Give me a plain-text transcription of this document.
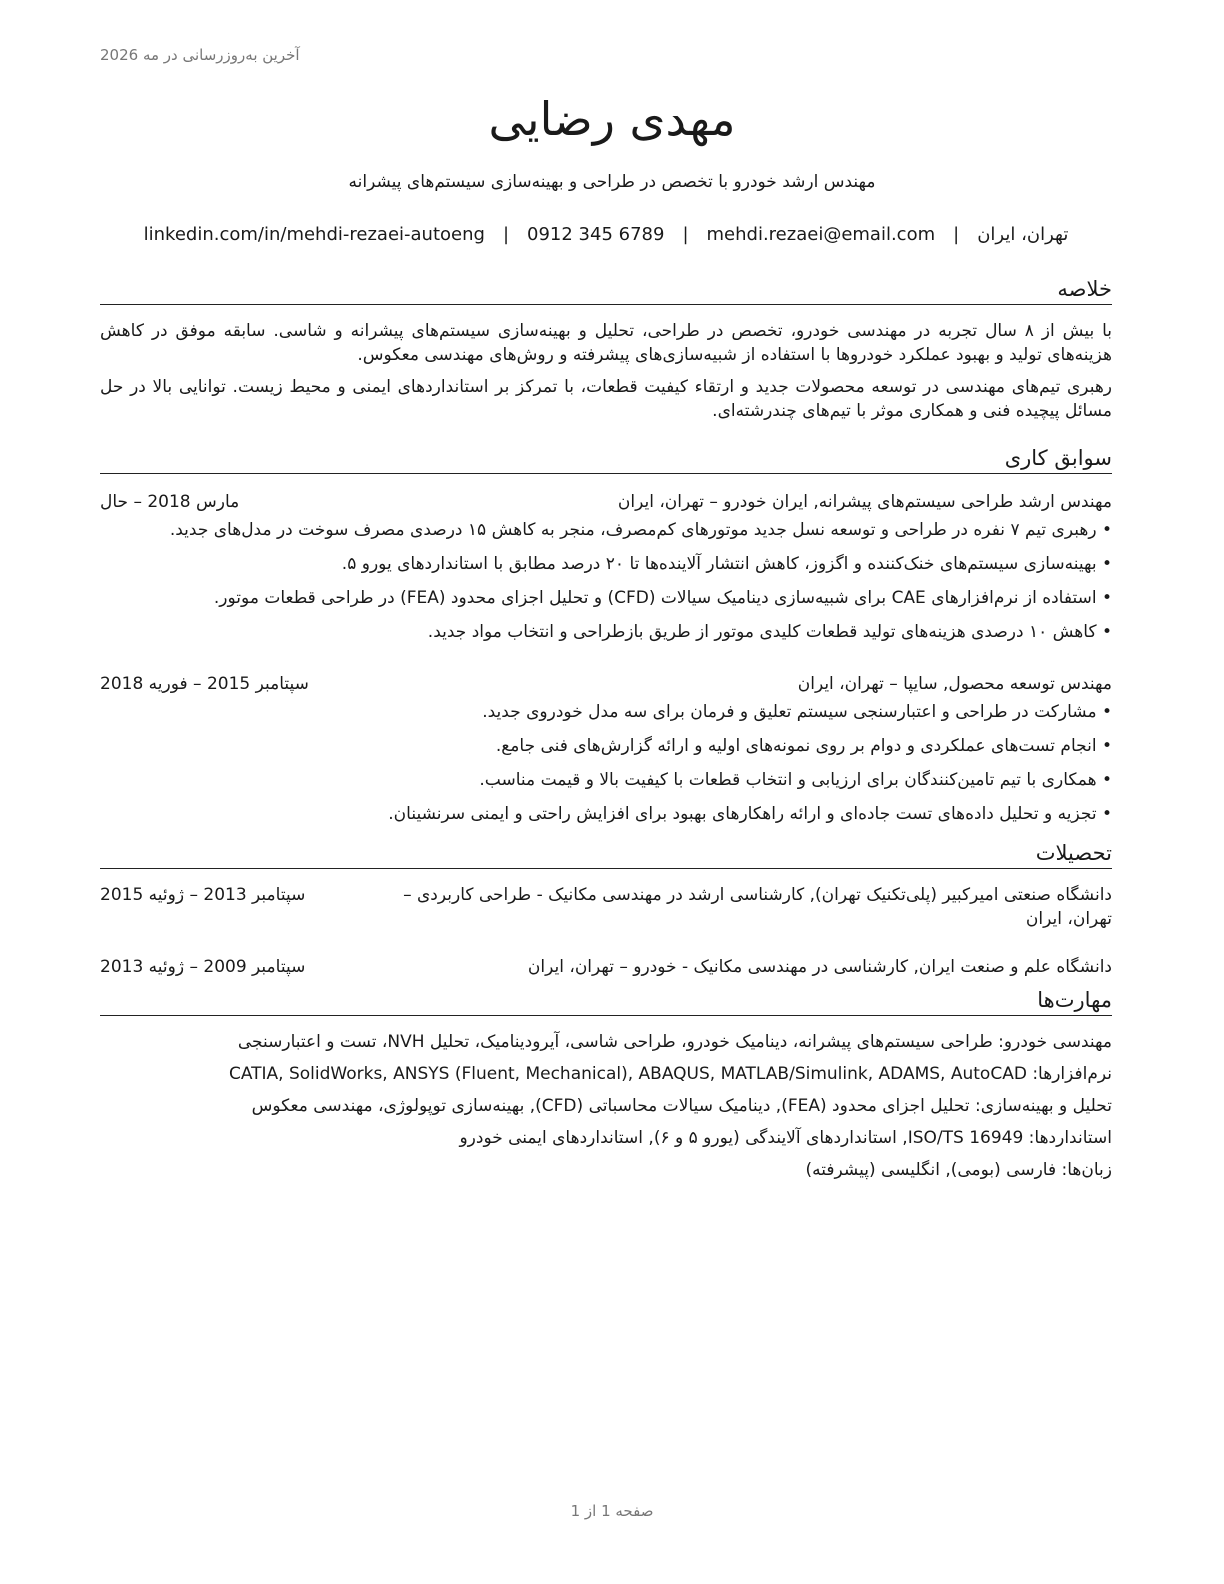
آخرین به‌روزرسانی در مه 2026
مهدی رضایی
مهندس ارشد خودرو با تخصص در طراحی و بهینه‌سازی سیستم‌های پیشرانه
تهران، ایران
|
mehdi.rezaei@email.com
|
0912 345 6789
|
linkedin.com/in/mehdi-rezaei-autoeng
خلاصه

با بیش از ۸ سال تجربه در مهندسی خودرو، تخصص در طراحی، تحلیل و بهینه‌سازی سیستم‌های پیشرانه و شاسی. سابقه موفق در کاهش هزینه‌های تولید و بهبود عملکرد خودروها با استفاده از شبیه‌سازی‌های پیشرفته و روش‌های مهندسی معکوس.

رهبری تیم‌های مهندسی در توسعه محصولات جدید و ارتقاء کیفیت قطعات، با تمرکز بر استانداردهای ایمنی و محیط زیست. توانایی بالا در حل مسائل پیچیده فنی و همکاری موثر با تیم‌های چندرشته‌ای.

سوابق کاری
مهندس ارشد طراحی سیستم‌های پیشرانه, ایران خودرو – تهران، ایران
مارس 2018 – حال
• رهبری تیم ۷ نفره در طراحی و توسعه نسل جدید موتورهای کم‌مصرف، منجر به کاهش ۱۵ درصدی مصرف سوخت در مدل‌های جدید.
• بهینه‌سازی سیستم‌های خنک‌کننده و اگزوز، کاهش انتشار آلاینده‌ها تا ۲۰ درصد مطابق با استانداردهای یورو ۵.
• استفاده از نرم‌افزارهای CAE برای شبیه‌سازی دینامیک سیالات (CFD) و تحلیل اجزای محدود (FEA) در طراحی قطعات موتور.
• کاهش ۱۰ درصدی هزینه‌های تولید قطعات کلیدی موتور از طریق بازطراحی و انتخاب مواد جدید.
مهندس توسعه محصول, سایپا – تهران، ایران
سپتامبر 2015 – فوریه 2018
• مشارکت در طراحی و اعتبارسنجی سیستم تعلیق و فرمان برای سه مدل خودروی جدید.
• انجام تست‌های عملکردی و دوام بر روی نمونه‌های اولیه و ارائه گزارش‌های فنی جامع.
• همکاری با تیم تامین‌کنندگان برای ارزیابی و انتخاب قطعات با کیفیت بالا و قیمت مناسب.
• تجزیه و تحلیل داده‌های تست جاده‌ای و ارائه راهکارهای بهبود برای افزایش راحتی و ایمنی سرنشینان.
تحصیلات
دانشگاه صنعتی امیرکبیر (پلی‌تکنیک تهران), کارشناسی ارشد در مهندسی مکانیک - طراحی کاربردی –
تهران، ایران
سپتامبر 2013 – ژوئیه 2015
دانشگاه علم و صنعت ایران, کارشناسی در مهندسی مکانیک - خودرو – تهران، ایران
سپتامبر 2009 – ژوئیه 2013
مهارت‌ها
مهندسی خودرو: طراحی سیستم‌های پیشرانه، دینامیک خودرو، طراحی شاسی، آیرودینامیک، تحلیل NVH، تست و اعتبارسنجی
نرم‌افزارها: CATIA, SolidWorks, ANSYS (Fluent, Mechanical), ABAQUS, MATLAB/Simulink, ADAMS, AutoCAD
تحلیل و بهینه‌سازی: تحلیل اجزای محدود (FEA), دینامیک سیالات محاسباتی (CFD), بهینه‌سازی توپولوژی، مهندسی معکوس
استانداردها: ISO/TS 16949, استانداردهای آلایندگی (یورو ۵ و ۶), استانداردهای ایمنی خودرو
زبان‌ها: فارسی (بومی), انگلیسی (پیشرفته)
صفحه 1 از 1
